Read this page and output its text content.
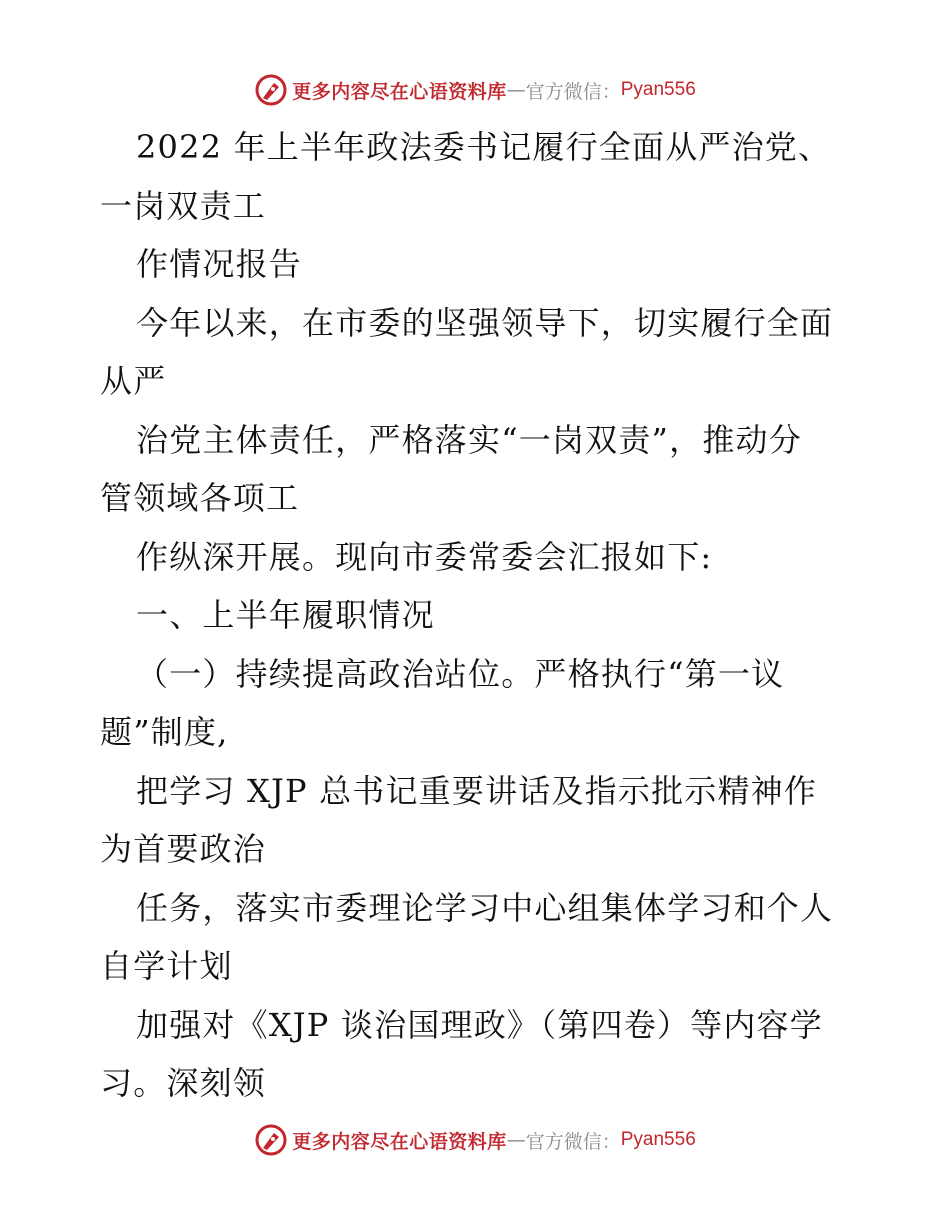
更多内容尽在心语资料库 — 官方微信： Pyan556
2022 年上半年政法委书记履行全面从严治党、
一岗双责工
作情况报告
今年以来，在市委的坚强领导下，切实履行全面
从严
治党主体责任，严格落实“一岗双责”，推动分
管领域各项工
作纵深开展。现向市委常委会汇报如下:
一、上半年履职情况
（一）持续提高政治站位。严格执行“第一议
题”制度,
把学习 XJP 总书记重要讲话及指示批示精神作
为首要政治
任务，落实市委理论学习中心组集体学习和个人
自学计划
加强对《XJP 谈治国理政》（第四卷）等内容学
习。深刻领
更多内容尽在心语资料库 — 官方微信： Pyan556
